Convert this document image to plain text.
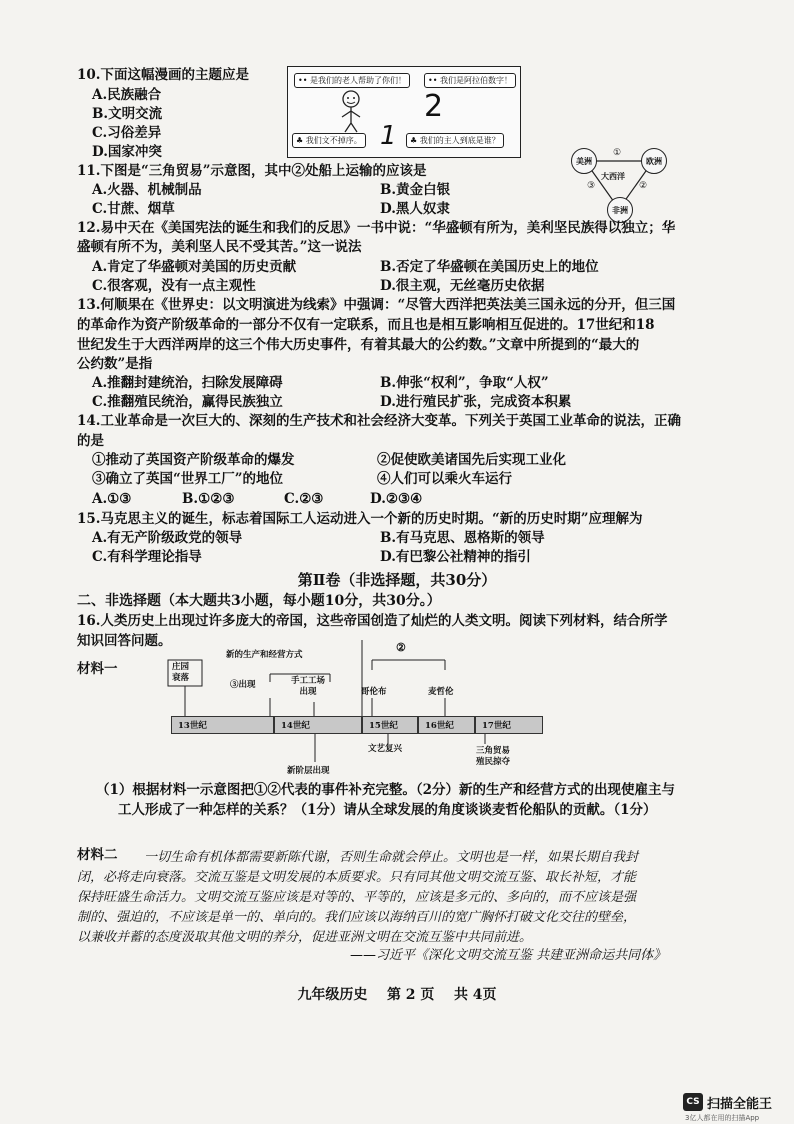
10.下面这幅漫画的主题应是
A.民族融合
B.文明交流
C.习俗差异
D.国家冲突
•• 是我们的老人帮助了你们！	•• 我们是阿拉伯数字！
♣ 我们文不掉序。	♣ 我们的主人到底是谁？
2
1
11.下图是“三角贸易”示意图，其中②处船上运输的应该是
A.火器、机械制品	B.黄金白银
C.甘蔗、烟草	D.黑人奴隶
美洲	欧洲
非洲
大西洋
①
②
③
12.易中天在《美国宪法的诞生和我们的反思》一书中说：“华盛顿有所为，美利坚民族得以独立；华
盛顿有所不为，美利坚人民不受其苦。”这一说法
A.肯定了华盛顿对美国的历史贡献	B.否定了华盛顿在美国历史上的地位
C.很客观，没有一点主观性	D.很主观，无丝毫历史依据
13.何顺果在《世界史：以文明演进为线索》中强调：“尽管大西洋把英法美三国永远的分开，但三国
的革命作为资产阶级革命的一部分不仅有一定联系，而且也是相互影响相互促进的。17世纪和18
世纪发生于大西洋两岸的这三个伟大历史事件，有着其最大的公约数。”文章中所提到的“最大的
公约数”是指
A.推翻封建统治，扫除发展障碍	B.伸张“权利”，争取“人权”
C.推翻殖民统治，赢得民族独立	D.进行殖民扩张，完成资本积累
14.工业革命是一次巨大的、深刻的生产技术和社会经济大变革。下列关于英国工业革命的说法，正确
的是
①推动了英国资产阶级革命的爆发	②促使欧美诸国先后实现工业化
③确立了英国“世界工厂”的地位	④人们可以乘火车运行
A.①③	B.①②③	C.②③	D.②③④
15.马克思主义的诞生，标志着国际工人运动进入一个新的历史时期。“新的历史时期”应理解为
A.有无产阶级政党的领导	B.有马克思、恩格斯的领导
C.有科学理论指导	D.有巴黎公社精神的指引
第Ⅱ卷（非选择题，共30分）
二、非选择题（本大题共3小题，每小题10分，共30分。）
16.人类历史上出现过许多庞大的帝国，这些帝国创造了灿烂的人类文明。阅读下列材料，结合所学
知识回答问题。
材料一	庄园
衰落
新的生产和经营方式
③出现	手工工场
出现
②
哥伦布	麦哲伦
13世纪	14世纪	15世纪	16世纪	17世纪
文艺复兴
新阶层出现
三角贸易
殖民掠夺
（1）根据材料一示意图把①②代表的事件补充完整。（2分）新的生产和经营方式的出现使雇主与
工人形成了一种怎样的关系？（1分）请从全球发展的角度谈谈麦哲伦船队的贡献。（1分）
材料二 一切生命有机体都需要新陈代谢，否则生命就会停止。文明也是一样，如果长期自我封
闭，必将走向衰落。交流互鉴是文明发展的本质要求。只有同其他文明交流互鉴、取长补短，才能
保持旺盛生命活力。文明交流互鉴应该是对等的、平等的，应该是多元的、多向的，而不应该是强
制的、强迫的，不应该是单一的、单向的。我们应该以海纳百川的宽广胸怀打破文化交往的壁垒，
以兼收并蓄的态度汲取其他文明的养分，促进亚洲文明在交流互鉴中共同前进。
——习近平《深化文明交流互鉴 共建亚洲命运共同体》
九年级历史 第 2 页 共 4页
CS 扫描全能王
3亿人都在用的扫描App
